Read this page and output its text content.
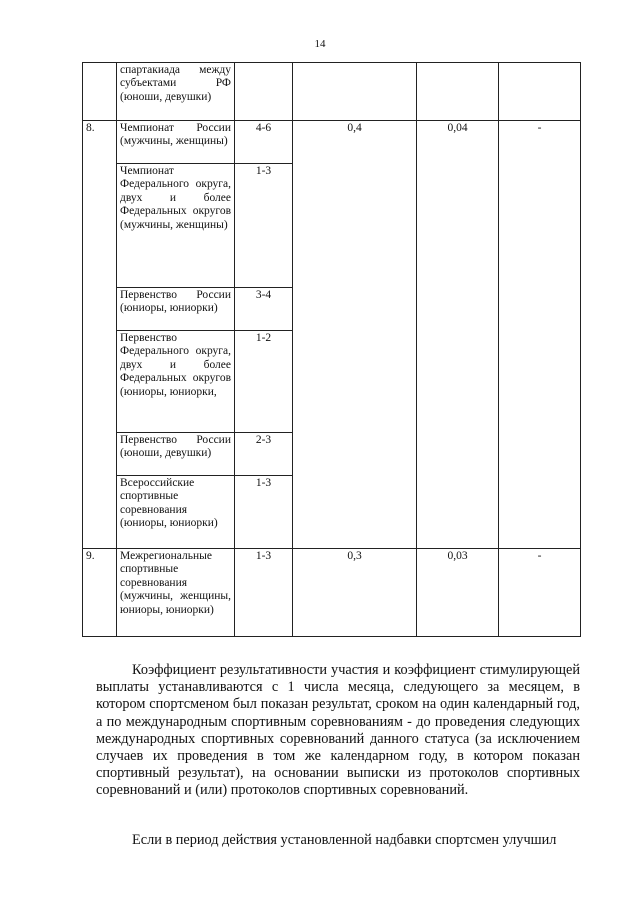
14
	спартакиада между субъектами РФ (юноши, девушки)				
8.	Чемпионат России (мужчины, женщины)	4-6	0,4	0,04	-
	Чемпионат Федерального округа, двух и более Федеральных округов (мужчины, женщины)	1-3			
	Первенство России (юниоры, юниорки)	3-4			
	Первенство Федерального округа, двух и более Федеральных округов (юниоры, юниорки,	1-2			
	Первенство России (юноши, девушки)	2-3			
	Всероссийские спортивные соревнования (юниоры, юниорки)	1-3			
9.	Межрегиональные спортивные соревнования (мужчины, женщины, юниоры, юниорки)	1-3	0,3	0,03	-
Коэффициент результативности участия и коэффициент стимулирующей выплаты устанавливаются с 1 числа месяца, следующего за месяцем, в котором спортсменом был показан результат, сроком на один календарный год, а по международным спортивным соревнованиям - до проведения следующих международных спортивных соревнований данного статуса (за исключением случаев их проведения в том же календарном году, в котором показан спортивный результат), на основании выписки из протоколов спортивных соревнований и (или) протоколов спортивных соревнований.
Если в период действия установленной надбавки спортсмен улучшил
